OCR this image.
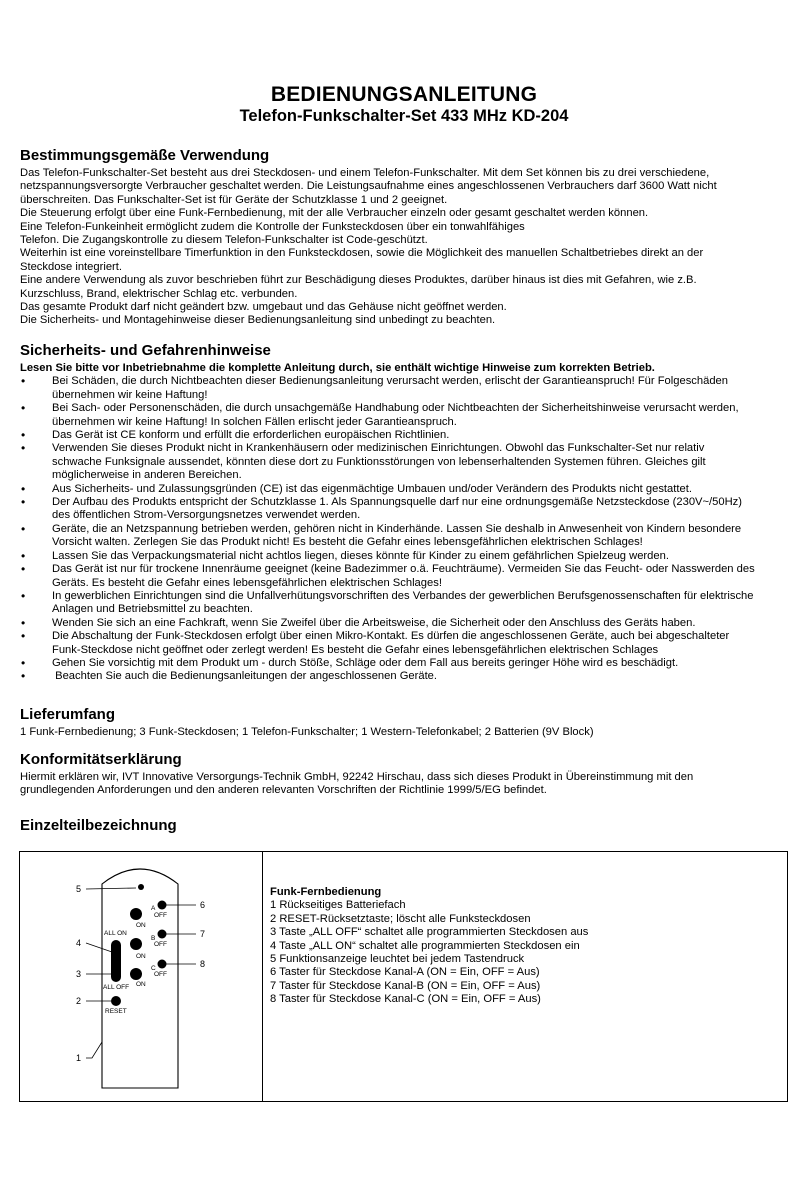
BEDIENUNGSANLEITUNG
Telefon-Funkschalter-Set 433 MHz KD-204
Bestimmungsgemäße Verwendung

Das Telefon-Funkschalter-Set besteht aus drei Steckdosen- und einem Telefon-Funkschalter. Mit dem Set können bis zu drei verschiedene,

netzspannungsversorgte Verbraucher geschaltet werden. Die Leistungsaufnahme eines angeschlossenen Verbrauchers darf 3600 Watt nicht

überschreiten. Das Funkschalter-Set ist für Geräte der Schutzklasse 1 und 2 geeignet.

Die Steuerung erfolgt über eine Funk-Fernbedienung, mit der alle Verbraucher einzeln oder gesamt geschaltet werden können.

Eine Telefon-Funkeinheit ermöglicht zudem die Kontrolle der Funksteckdosen über ein tonwahlfähiges

Telefon. Die Zugangskontrolle zu diesem Telefon-Funkschalter ist Code-geschützt.

Weiterhin ist eine voreinstellbare Timerfunktion in den Funksteckdosen, sowie die Möglichkeit des manuellen Schaltbetriebes direkt an der

Steckdose integriert.

Eine andere Verwendung als zuvor beschrieben führt zur Beschädigung dieses Produktes, darüber hinaus ist dies mit Gefahren, wie z.B.

Kurzschluss, Brand, elektrischer Schlag etc. verbunden.

Das gesamte Produkt darf nicht geändert bzw. umgebaut und das Gehäuse nicht geöffnet werden.

Die Sicherheits- und Montagehinweise dieser Bedienungsanleitung sind unbedingt zu beachten.

Sicherheits- und Gefahrenhinweise

Lesen Sie bitte vor Inbetriebnahme die komplette Anleitung durch, sie enthält wichtige Hinweise zum korrekten Betrieb.

• Bei Schäden, die durch Nichtbeachten dieser Bedienungsanleitung verursacht werden, erlischt der Garantieanspruch! Für Folgeschäden
übernehmen wir keine Haftung!
• Bei Sach- oder Personenschäden, die durch unsachgemäße Handhabung oder Nichtbeachten der Sicherheitshinweise verursacht werden,
übernehmen wir keine Haftung! In solchen Fällen erlischt jeder Garantieanspruch.
• Das Gerät ist CE konform und erfüllt die erforderlichen europäischen Richtlinien.
• Verwenden Sie dieses Produkt nicht in Krankenhäusern oder medizinischen Einrichtungen. Obwohl das Funkschalter-Set nur relativ
schwache Funksignale aussendet, könnten diese dort zu Funktionsstörungen von lebenserhaltenden Systemen führen. Gleiches gilt
möglicherweise in anderen Bereichen.
• Aus Sicherheits- und Zulassungsgründen (CE) ist das eigenmächtige Umbauen und/oder Verändern des Produkts nicht gestattet.
• Der Aufbau des Produkts entspricht der Schutzklasse 1. Als Spannungsquelle darf nur eine ordnungsgemäße Netzsteckdose (230V~/50Hz)
des öffentlichen Strom-Versorgungsnetzes verwendet werden.
• Geräte, die an Netzspannung betrieben werden, gehören nicht in Kinderhände. Lassen Sie deshalb in Anwesenheit von Kindern besondere
Vorsicht walten. Zerlegen Sie das Produkt nicht! Es besteht die Gefahr eines lebensgefährlichen elektrischen Schlages!
• Lassen Sie das Verpackungsmaterial nicht achtlos liegen, dieses könnte für Kinder zu einem gefährlichen Spielzeug werden.
• Das Gerät ist nur für trockene Innenräume geeignet (keine Badezimmer o.ä. Feuchträume). Vermeiden Sie das Feucht- oder Nasswerden des
Geräts. Es besteht die Gefahr eines lebensgefährlichen elektrischen Schlages!
• In gewerblichen Einrichtungen sind die Unfallverhütungsvorschriften des Verbandes der gewerblichen Berufsgenossenschaften für elektrische
Anlagen und Betriebsmittel zu beachten.
• Wenden Sie sich an eine Fachkraft, wenn Sie Zweifel über die Arbeitsweise, die Sicherheit oder den Anschluss des Geräts haben.
• Die Abschaltung der Funk-Steckdosen erfolgt über einen Mikro-Kontakt. Es dürfen die angeschlossenen Geräte, auch bei abgeschalteter
Funk-Steckdose nicht geöffnet oder zerlegt werden! Es besteht die Gefahr eines lebensgefährlichen elektrischen Schlages
• Gehen Sie vorsichtig mit dem Produkt um - durch Stöße, Schläge oder dem Fall aus bereits geringer Höhe wird es beschädigt.
•  Beachten Sie auch die Bedienungsanleitungen der angeschlossenen Geräte.
Lieferumfang

1 Funk-Fernbedienung; 3 Funk-Steckdosen; 1 Telefon-Funkschalter; 1 Western-Telefonkabel; 2 Batterien (9V Block)

Konformitätserklärung

Hiermit erklären wir, IVT Innovative Versorgungs-Technik GmbH, 92242 Hirschau, dass sich dieses Produkt in Übereinstimmung mit den

grundlegenden Anforderungen und den anderen relevanten Vorschriften der Richtlinie 1999/5/EG befindet.

Einzelteilbezeichnung
A
OFF
ON
B
OFF
ON
C
OFF
ON
ALL ON
ALL OFF
RESET
5
6
4
7
3
8
2
1

Funk-Fernbedienung

1 Rückseitiges Batteriefach

2 RESET-Rücksetztaste; löscht alle Funksteckdosen

3 Taste „ALL OFF“ schaltet alle programmierten Steckdosen aus

4 Taste „ALL ON“ schaltet alle programmierten Steckdosen ein

5 Funktionsanzeige leuchtet bei jedem Tastendruck

6 Taster für Steckdose Kanal-A (ON = Ein, OFF = Aus)

7 Taster für Steckdose Kanal-B (ON = Ein, OFF = Aus)

8 Taster für Steckdose Kanal-C (ON = Ein, OFF = Aus)
